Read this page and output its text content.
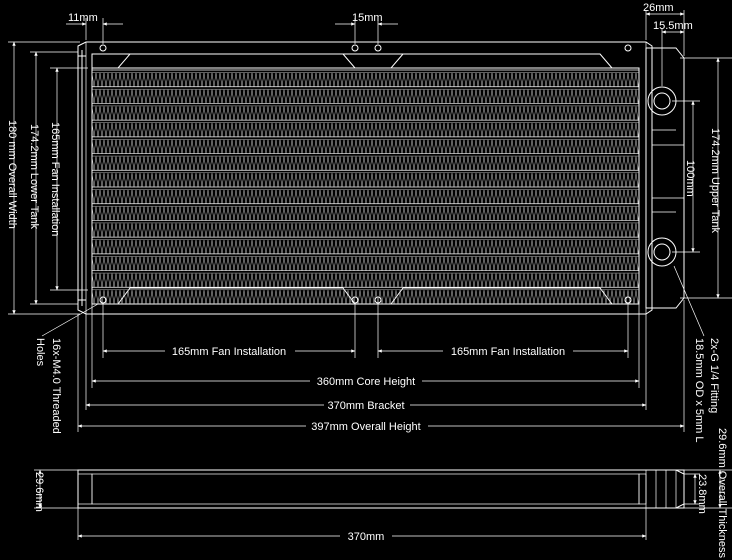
11mm	15mm
26mm
15.5mm
180 mm Overall Width 174.2mm Lower Tank 165mm Fan Installation	174.2mm Upper Tank
100mm
16x-M4.0 Threaded
Holes	2x-G 1/4 Fitting
18.5mm OD x 5mm L
165mm Fan Installation	165mm Fan Installation
360mm Core Height
370mm Bracket
397mm Overall Height
29.6mm	23.8mm 29.6mm Overall Thickness
370mm
